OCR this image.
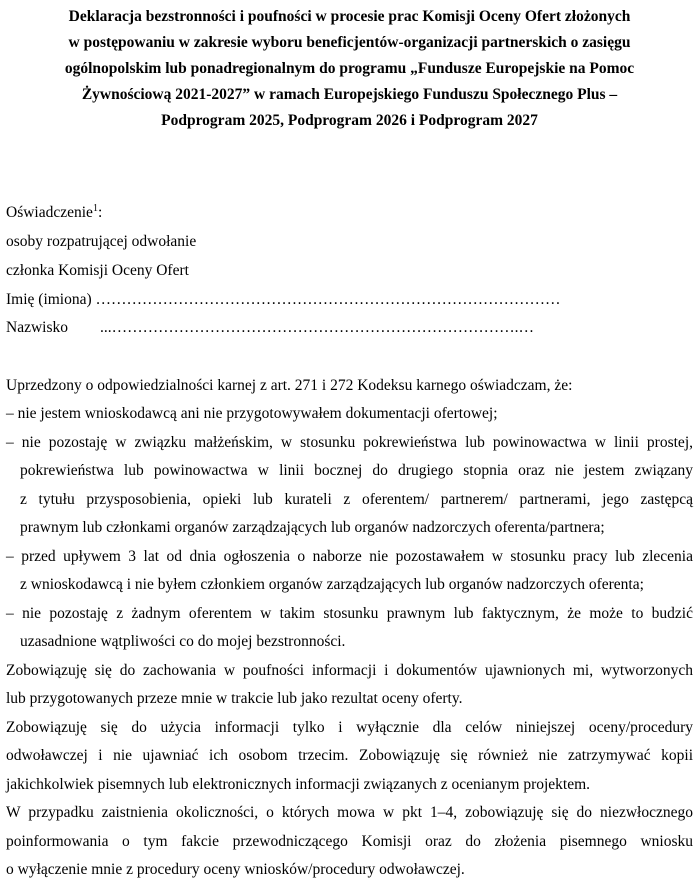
Deklaracja bezstronności i poufności w procesie prac Komisji Oceny Ofert złożonych
w postępowaniu w zakresie wyboru beneficjentów-organizacji partnerskich o zasięgu
ogólnopolskim lub ponadregionalnym do programu „Fundusze Europejskie na Pomoc
Żywnościową 2021-2027” w ramach Europejskiego Funduszu Społecznego Plus –
Podprogram 2025, Podprogram 2026 i Podprogram 2027
Oświadczenie$^1$:
osoby rozpatrującej odwołanie
członka Komisji Oceny Ofert
Imię (imiona) ………………………………………………………………………………
Nazwisko ...…………………………………………………………………….…
Uprzedzony o odpowiedzialności karnej z art. 271 i 272 Kodeksu karnego oświadczam, że:
– nie jestem wnioskodawcą ani nie przygotowywałem dokumentacji ofertowej;
– nie pozostaję w związku małżeńskim, w stosunku pokrewieństwa lub powinowactwa w linii prostej,
pokrewieństwa lub powinowactwa w linii bocznej do drugiego stopnia oraz nie jestem związany
z tytułu przysposobienia, opieki lub kurateli z oferentem/ partnerem/ partnerami, jego zastępcą
prawnym lub członkami organów zarządzających lub organów nadzorczych oferenta/partnera;
– przed upływem 3 lat od dnia ogłoszenia o naborze nie pozostawałem w stosunku pracy lub zlecenia
z wnioskodawcą i nie byłem członkiem organów zarządzających lub organów nadzorczych oferenta;
– nie pozostaję z żadnym oferentem w takim stosunku prawnym lub faktycznym, że może to budzić
uzasadnione wątpliwości co do mojej bezstronności.
Zobowiązuję się do zachowania w poufności informacji i dokumentów ujawnionych mi, wytworzonych
lub przygotowanych przeze mnie w trakcie lub jako rezultat oceny oferty.
Zobowiązuję się do użycia informacji tylko i wyłącznie dla celów niniejszej oceny/procedury
odwoławczej i nie ujawniać ich osobom trzecim. Zobowiązuję się również nie zatrzymywać kopii
jakichkolwiek pisemnych lub elektronicznych informacji związanych z ocenianym projektem.
W przypadku zaistnienia okoliczności, o których mowa w pkt 1–4, zobowiązuję się do niezwłocznego
poinformowania o tym fakcie przewodniczącego Komisji oraz do złożenia pisemnego wniosku
o wyłączenie mnie z procedury oceny wniosków/procedury odwoławczej.
